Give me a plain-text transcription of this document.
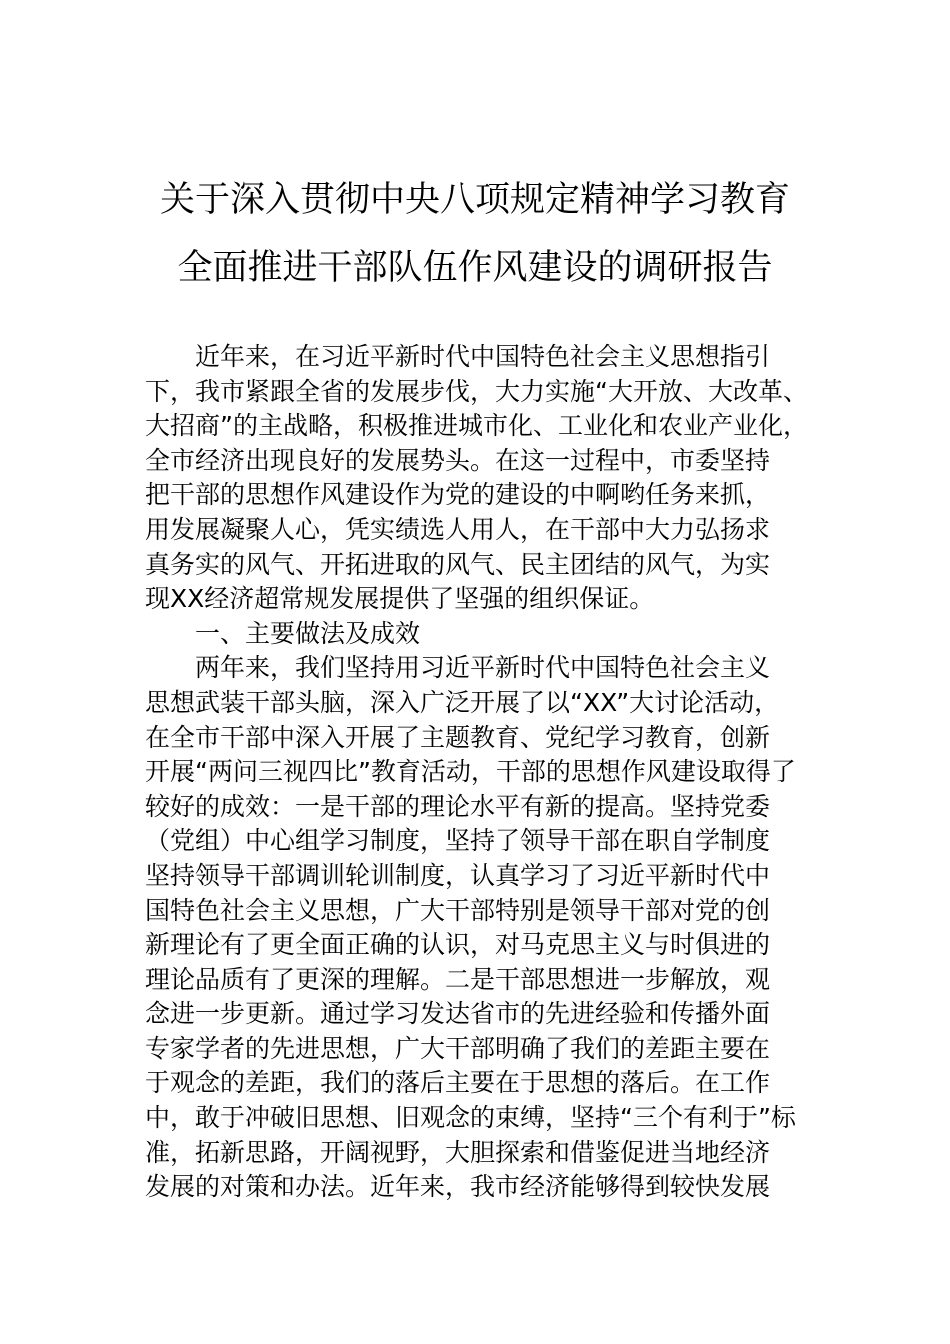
关于深入贯彻中央八项规定精神学习教育
全面推进干部队伍作风建设的调研报告
近年来，在习近平新时代中国特色社会主义思想指引
下，我市紧跟全省的发展步伐，大力实施“大开放、大改革、
大招商”的主战略，积极推进城市化、工业化和农业产业化，
全市经济出现良好的发展势头。在这一过程中，市委坚持
把干部的思想作风建设作为党的建设的中啊哟任务来抓，
用发展凝聚人心，凭实绩选人用人，在干部中大力弘扬求
真务实的风气、开拓进取的风气、民主团结的风气，为实
现XX经济超常规发展提供了坚强的组织保证。
一、主要做法及成效
两年来，我们坚持用习近平新时代中国特色社会主义
思想武装干部头脑，深入广泛开展了以“XX”大讨论活动，
在全市干部中深入开展了主题教育、党纪学习教育，创新
开展“两问三视四比”教育活动，干部的思想作风建设取得了
较好的成效：一是干部的理论水平有新的提高。坚持党委
（党组）中心组学习制度，坚持了领导干部在职自学制度
坚持领导干部调训轮训制度，认真学习了习近平新时代中
国特色社会主义思想，广大干部特别是领导干部对党的创
新理论有了更全面正确的认识，对马克思主义与时俱进的
理论品质有了更深的理解。二是干部思想进一步解放，观
念进一步更新。通过学习发达省市的先进经验和传播外面
专家学者的先进思想，广大干部明确了我们的差距主要在
于观念的差距，我们的落后主要在于思想的落后。在工作
中，敢于冲破旧思想、旧观念的束缚，坚持“三个有利于”标
准，拓新思路，开阔视野，大胆探索和借鉴促进当地经济
发展的对策和办法。近年来，我市经济能够得到较快发展
